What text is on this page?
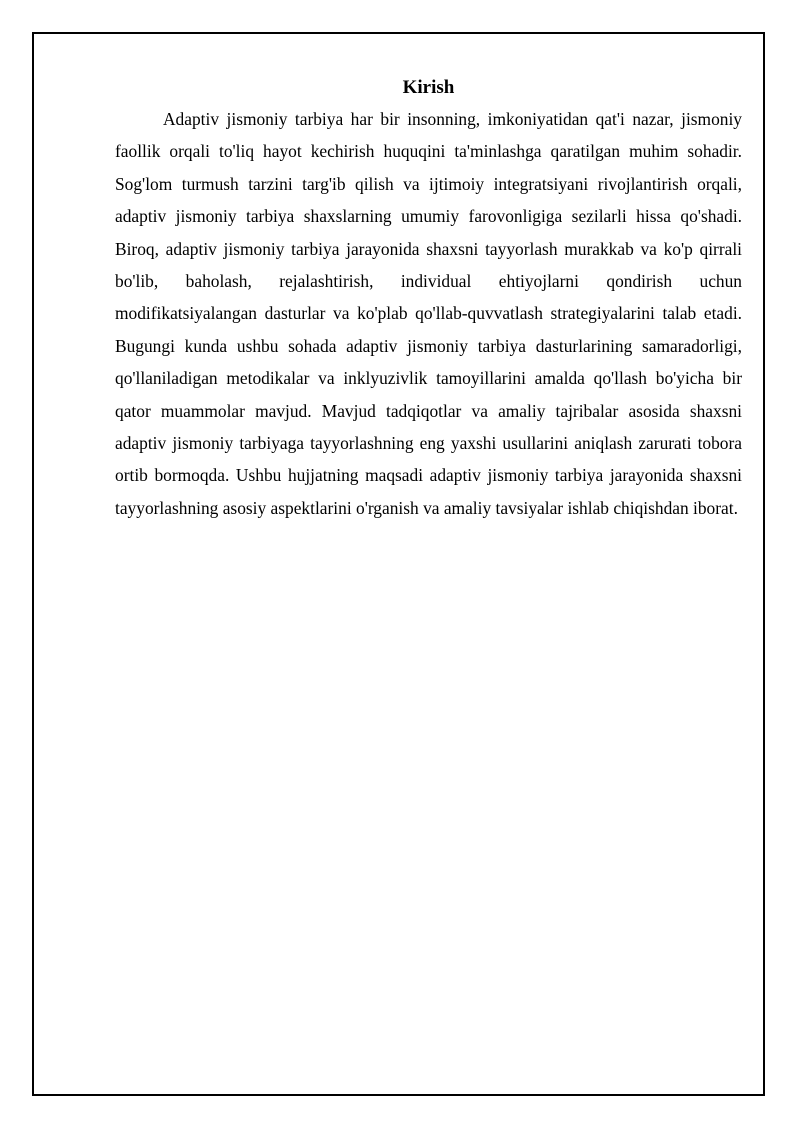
Kirish

Adaptiv jismoniy tarbiya har bir insonning, imkoniyatidan qat'i nazar, jismoniy faollik orqali to'liq hayot kechirish huquqini ta'minlashga qaratilgan muhim sohadir. Sog'lom turmush tarzini targ'ib qilish va ijtimoiy integratsiyani rivojlantirish orqali, adaptiv jismoniy tarbiya shaxslarning umumiy farovonligiga sezilarli hissa qo'shadi. Biroq, adaptiv jismoniy tarbiya jarayonida shaxsni tayyorlash murakkab va ko'p qirrali bo'lib, baholash, rejalashtirish, individual ehtiyojlarni qondirish uchun modifikatsiyalangan dasturlar va ko'plab qo'llab-quvvatlash strategiyalarini talab etadi. Bugungi kunda ushbu sohada adaptiv jismoniy tarbiya dasturlarining samaradorligi, qo'llaniladigan metodikalar va inklyuzivlik tamoyillarini amalda qo'llash bo'yicha bir qator muammolar mavjud. Mavjud tadqiqotlar va amaliy tajribalar asosida shaxsni adaptiv jismoniy tarbiyaga tayyorlashning eng yaxshi usullarini aniqlash zarurati tobora ortib bormoqda. Ushbu hujjatning maqsadi adaptiv jismoniy tarbiya jarayonida shaxsni tayyorlashning asosiy aspektlarini o'rganish va amaliy tavsiyalar ishlab chiqishdan iborat.
